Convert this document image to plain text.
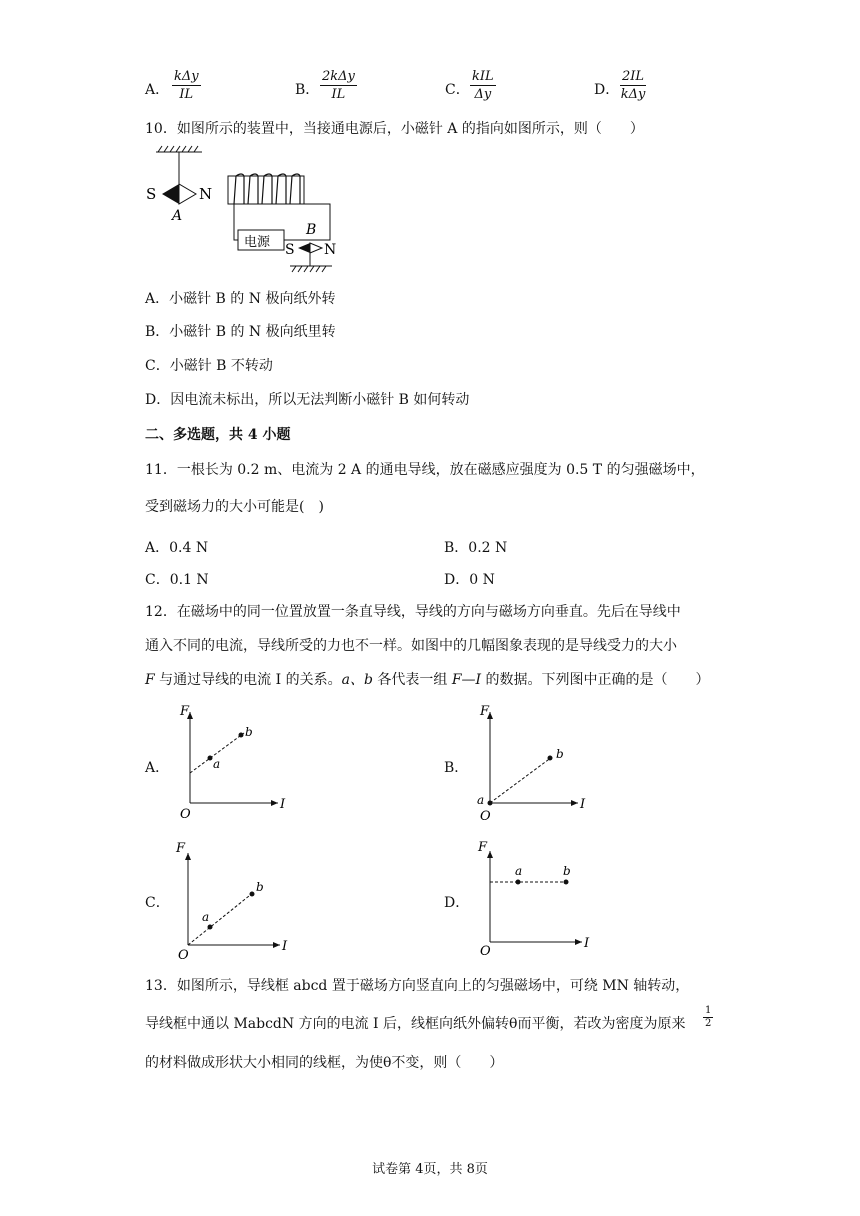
A．
kΔy
IL	B．
2kΔy
IL	C．
kIL
Δy	D．
2IL
kΔy
10．如图所示的装置中，当接通电源后，小磁针 A 的指向如图所示，则（　　）
S	N
A
电源
B
S N
A．小磁针 B 的 N 极向纸外转
B．小磁针 B 的 N 极向纸里转
C．小磁针 B 不转动
D．因电流未标出，所以无法判断小磁针 B 如何转动
二、多选题，共 4 小题
11．一根长为 0.2 m、电流为 2 A 的通电导线，放在磁感应强度为 0.5 T 的匀强磁场中，
受到磁场力的大小可能是(　)
A．0.4 N	B．0.2 N
C．0.1 N	D．0 N
12．在磁场中的同一位置放置一条直导线，导线的方向与磁场方向垂直。先后在导线中
通入不同的电流，导线所受的力也不一样。如图中的几幅图象表现的是导线受力的大小
F 与通过导线的电流 I 的关系。a、b 各代表一组 F—I 的数据。下列图中正确的是（　　）
A．	B．
C．	D．
F
I
O
a
b
F
I
O
a
b
F
I
O
a
b
F
I
O
a	b
13．如图所示，导线框 abcd 置于磁场方向竖直向上的匀强磁场中，可绕 MN 轴转动，
导线框中通以 MabcdN 方向的电流 I 后，线框向纸外偏转θ而平衡，若改为密度为原来 $\frac{1}{2}$
的材料做成形状大小相同的线框，为使θ不变，则（　　）
试卷第 4页，共 8页
